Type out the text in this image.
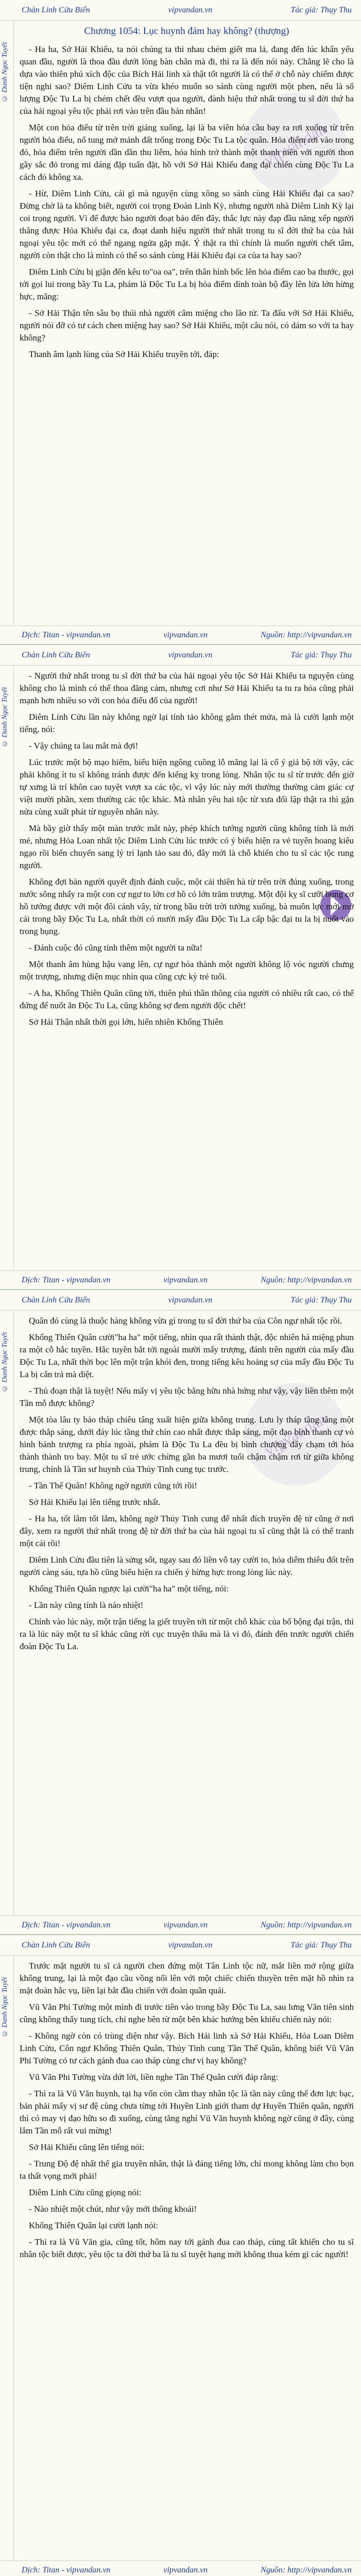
Chàn Linh Cửu Biến	vipvandan.vn	Tác giả: Thụy Thu
© Danh Ngọc Tuyết
vipvandan
Chương 1054: Lục huynh đảm hay không? (thượng)

- Ha ha, Sở Hải Khiếu, ta nói chúng ta thì nhau chém giết ma lả, đang đến lúc khẩn yếu quan đầu, người là thoa đầu dưới lòng bàn chân mà đi, thì ra là đến nói này. Chẳng lẽ cho là dựa vào thiên phú xích độc của Bích Hải linh xà thật tốt người là có thể ở chỗ này chiếm được tiện nghi sao? Diêm Linh Cửu ta vừa khéo muốn so sánh cùng người một phen, nếu là số lượng Độc Tu La bị chém chết đều vượt qua người, đành hiệu thứ nhất trong tu sĩ đời thứ ba của hải ngoại yêu tộc phải rơi vào trên đầu bản nhân!

Một con hỏa điểu từ trên trời giáng xuống, lại là ba viên hỏa cầu bay ra rơi xuống từ trên người hỏa điểu, nổ tung mở mảnh đất trống trong Độc Tu La tộc quân. Hỏa điểm rơi vào trong đó, hỏa điểm trên người dần dần thu liễm, hỏa hình trở thành một thanh niên với người thon gầy sắc đỏ trong mi dáng đặp tuấn đặt, hồ với Sở Hải Khiếu đang đại chiến cùng Độc Tu La cách đó không xa.

- Hừ, Diêm Linh Cửu, cái gì mà nguyện cùng xông so sánh cùng Hải Khiếu đại ca sao? Đừng chờ là ta không biết, người coi trọng Đoàn Linh Kỳ, nhưng người nhà Diêm Linh Kỳ lại coi trọng người. Vì để được hảo người đoạt bảo đến đây, thắc lực này đạp đầu năng xếp người thắng được Hỏa Khiếu đại ca, đoạt danh hiệu người thứ nhất trong tu sĩ đời thứ ba của hải ngoại yêu tộc mới có thể ngang ngửa gặp mặt. Ý thật ra thì chính là muốn người chết tâm, người còn thật cho là mình có thể so sánh cùng Hải Khiếu đại ca của ta hay sao?

Diêm Linh Cửu bị giận đến kêu to"oa oa", trên thân hình bốc lên hỏa điểm cao ba thước, gọi tới gọi lui trong bầy Tu La, phám là Độc Tu La bị hỏa điểm dính toàn bộ đầy lên lửa lớn hừng hực, mãng:

- Sở Hải Thận tên sâu bọ thúi nhà người câm miệng cho lão tử. Ta đấu với Sở Hải Khiếu, người nói đỡ có tư cách chen miệng hay sao? Sở Hải Khiếu, một câu nói, có dám so với ta hay không?

Thanh âm lạnh lùng của Sở Hải Khiếu truyền tới, đáp:

Dịch: Titan - vipvandan.vn	vipvandan.vn	Nguồn: http://vipvandan.vn
Chàn Linh Cửu Biến	vipvandan.vn	Tác giả: Thụy Thu
© Danh Ngọc Tuyết

- Người thứ nhất trong tu sĩ đời thứ ba của hải ngoại yêu tộc Sở Hải Khiếu ta nguyện cùng không cho là mình có thể thoa đăng cảm, nhưng cơi như Sở Hải Khiếu ta tu ra hỏa cũng phải mạnh hơn nhiều so với con hỏa điểu đổ của người!

Diêm Linh Cửu lần này không ngờ lại tính tảo không gắm thét mửa, mà là cười lạnh một tiếng, nói:

- Vậy chúng ta lau mắt mà đợi!

Lúc trước một bộ mạo hiểm, biểu hiện ngông cuồng lỗ mãng lại là cố ý giả bộ tới vậy, các phải không ít tu sĩ không tránh được đến kiếng kỵ trong lòng. Nhân tộc tu sĩ từ trước đến giờ tự xưng là trí khôn cao tuyệt vượt xa các tộc, vì vậy lúc này mới thường thường cảm giác cự việt mười phần, xem thường các tộc khác. Mà nhân yêu hai tộc từ xưa đối lập thật ra thì gặn nửa cùng xuất phát từ nguyên nhân này.

Mà bầy giờ thấy một màn trước mắt này, phép khích tướng người cũng không tính là mới mẻ, nhưng Hỏa Loan nhất tộc Diêm Linh Cửu lúc trước có ý biểu hiện ra vẻ tuyên hoang kiêu ngạo rồi biến chuyển sang lý trí lạnh tảo sau đó, đây mới là chỗ khiến cho tu sĩ các tộc rung người.

Không đợi bàn người quyết định đánh cuộc, một cái thiên hà từ trên trời đúng xuống, trong nước sông nhấy ra một con cự ngư to lớn cơ hồ có lớn trăm trượng. Một đội kỵ sĩ cưỡi bụng cơ hồ tướng được với một đôi cánh vây, từ trong bầu trời trời tưởng xuống, bà muôn lực mới mở cái trong bầy Độc Tu La, nhất thời có mười mấy đầu Độc Tu La cấp bậc đại tu la bị nuốt vào trong bụng.

- Đánh cuộc đó cũng tính thêm một người ta nữa!

Một thanh âm hùng hậu vang lên, cự ngư hóa thành một người không lộ vóc người chưng một trượng, nhưng diện mục nhìn qua cũng cực kỳ trẻ tuổi.

- A ha, Khổng Thiên Quân cũng tới, thiên phú thần thông của người có nhiều rất cao, có thể đứng để nuốt ăn Độc Tu La, cũng không sợ đem người độc chết!

Sở Hải Thận nhất thời gọi lớn, hiển nhiên Khổng Thiên

Dịch: Titan - vipvandan.vn	vipvandan.vn	Nguồn: http://vipvandan.vn
Chàn Linh Cửu Biến	vipvandan.vn	Tác giả: Thụy Thu
© Danh Ngọc Tuyết
vipvandan

Quân đó cùng là thuộc hàng không vừa gì trong tu sĩ đời thứ ba của Côn ngư nhất tộc rồi.

Khổng Thiên Quân cười"ha ha" một tiếng, nhìn qua rất thành thật, độc nhiên há miệng phun ra một cỗ hắc tuyền. Hắc tuyền bắt tới ngoài mười mấy trượng, đánh trên người của mấy đầu Độc Tu La, nhất thời bọc lên một trận khói đen, trong tiếng kêu hoảng sợ của mấy đầu Độc Tu La bị cắn trả mà diệt.

- Thủ đoạn thật là tuyệt! Nếu mấy vị yêu tộc bằng hữu nhà hứng như vậy, vậy liền thêm một Tần mỗ được không?

Một tòa lâu ty bảo tháp chiêu tâng xuất hiện giữa không trung. Lưu ly tháp tầng tầng một được thắp sáng, dưới đáy lúc tầng thứ chín cao nhất được thắp sáng, một đạo bình thanh cự vò hình bánh trượng ra phía ngoài, phám là Độc Tu La đều bị bình chướng đẩy chạm tới hóa thành thành tro bay. Một tu sĩ trẻ ước chừng gần ba mươi tuổi chậm chậm rơi từ giữa không trung, chính là Tần sư huynh của Thủy Tinh cung tục trước.

- Tần Thế Quân! Không ngờ người cũng tới rồi!

Sở Hải Khiếu lại lên tiếng trước nhất.

- Ha ha, tốt lắm tốt lắm, không ngờ Thủy Tinh cung để nhất đích truyền đệ tử cũng ở nơi đây, xem ra người thứ nhất trong đệ tử đời thứ ba của hải ngoại tu sĩ cũng thật là có thể tranh một cái rồi!

Diêm Linh Cửu đầu tiên là sửng sốt, ngay sau đó liền vỗ tay cười to, hỏa diễm thiêu đốt trên người càng sáu, tựa hồ cũng biểu hiện ra chiến ý hừng hực trong lòng lúc này.

Khổng Thiên Quân ngược lại cười"ha ha" một tiếng, nói:

- Lần này cũng tính là náo nhiệt!

Chính vào lúc này, một trận tiếng la giết truyền tới từ một chỗ khác của bố bộng đại trận, thì ra là lúc này một tu sĩ khác cũng rời cục truyện thấu mà là vi đó, đánh đến trước người chiến đoàn Độc Tu La.

Dịch: Titan - vipvandan.vn	vipvandan.vn	Nguồn: http://vipvandan.vn
Chàn Linh Cửu Biến	vipvandan.vn	Tác giả: Thụy Thu
© Danh Ngọc Tuyết

Trước mặt người tu sĩ cả người chen đứng một Tân Linh tộc nữ, mắt liền mở rộng giữa không trung, lại là một đạo cầu vồng nối lên với một chiếc chiến thuyền trên mặt hồ nhìn ra mặt đoàn hắc vụ, liền lại bắt đầu chiến với đoàn quần quái.

Vũ Văn Phi Tường một mình đi trước tiên vào trong bầy Độc Tu La, sau lưng Văn tiên sinh cũng không thấy tung tích, chỉ nghe bên từ một bên khác hướng bên khiếu chiến này nói:

- Không ngờ còn có trùng diện như vậy. Bích Hải linh xà Sở Hải Khiếu, Hỏa Loan Diêm Linh Cửu, Côn ngư Khổng Thiên Quân, Thủy Tinh cung Tần Thế Quân, không biết Vũ Văn Phi Tường có tư cách gánh đua cao tháp cùng chư vị hay không?

Vũ Văn Phi Tường vừa dứt lời, liền nghe Tần Thế Quân cười đáp rằng:

- Thì ra là Vũ Văn huynh, tại hạ vốn còn cầm thay nhân tộc là tần này cũng thể đơn lực bạc, bản phải mấy vị sư đệ cùng chưa từng tới Huyền Linh giới tham dự Huyền Thiên quân, người thì có may vị đạo hữu so đi xuống, cùng tăng nghỉ Vũ Văn huynh không ngờ cũng ở đây, cùng lắm Tần mỗ rất vui mừng!

Sở Hải Khiếu cũng lên tiếng nói:

- Trung Độ đệ nhất thế gia truyền nhân, thật là đáng tiếng lớn, chỉ mong không làm cho bọn ta thất vọng mới phải!

Diêm Linh Cửu cũng giọng nói:

- Nào nhiệt một chút, như vậy mới thông khoái!

Khổng Thiên Quân lại cười lạnh nói:

- Thì ra là Vũ Văn gia, cũng tốt, hôm nay tới gánh đua cao tháp, cùng tất khiến cho tu sĩ nhân tộc biết được, yêu tộc ta đời thứ ba là tu sĩ tuyệt hạng mới không thua kém gì các người!

Dịch: Titan - vipvandan.vn	vipvandan.vn	Nguồn: http://vipvandan.vn
